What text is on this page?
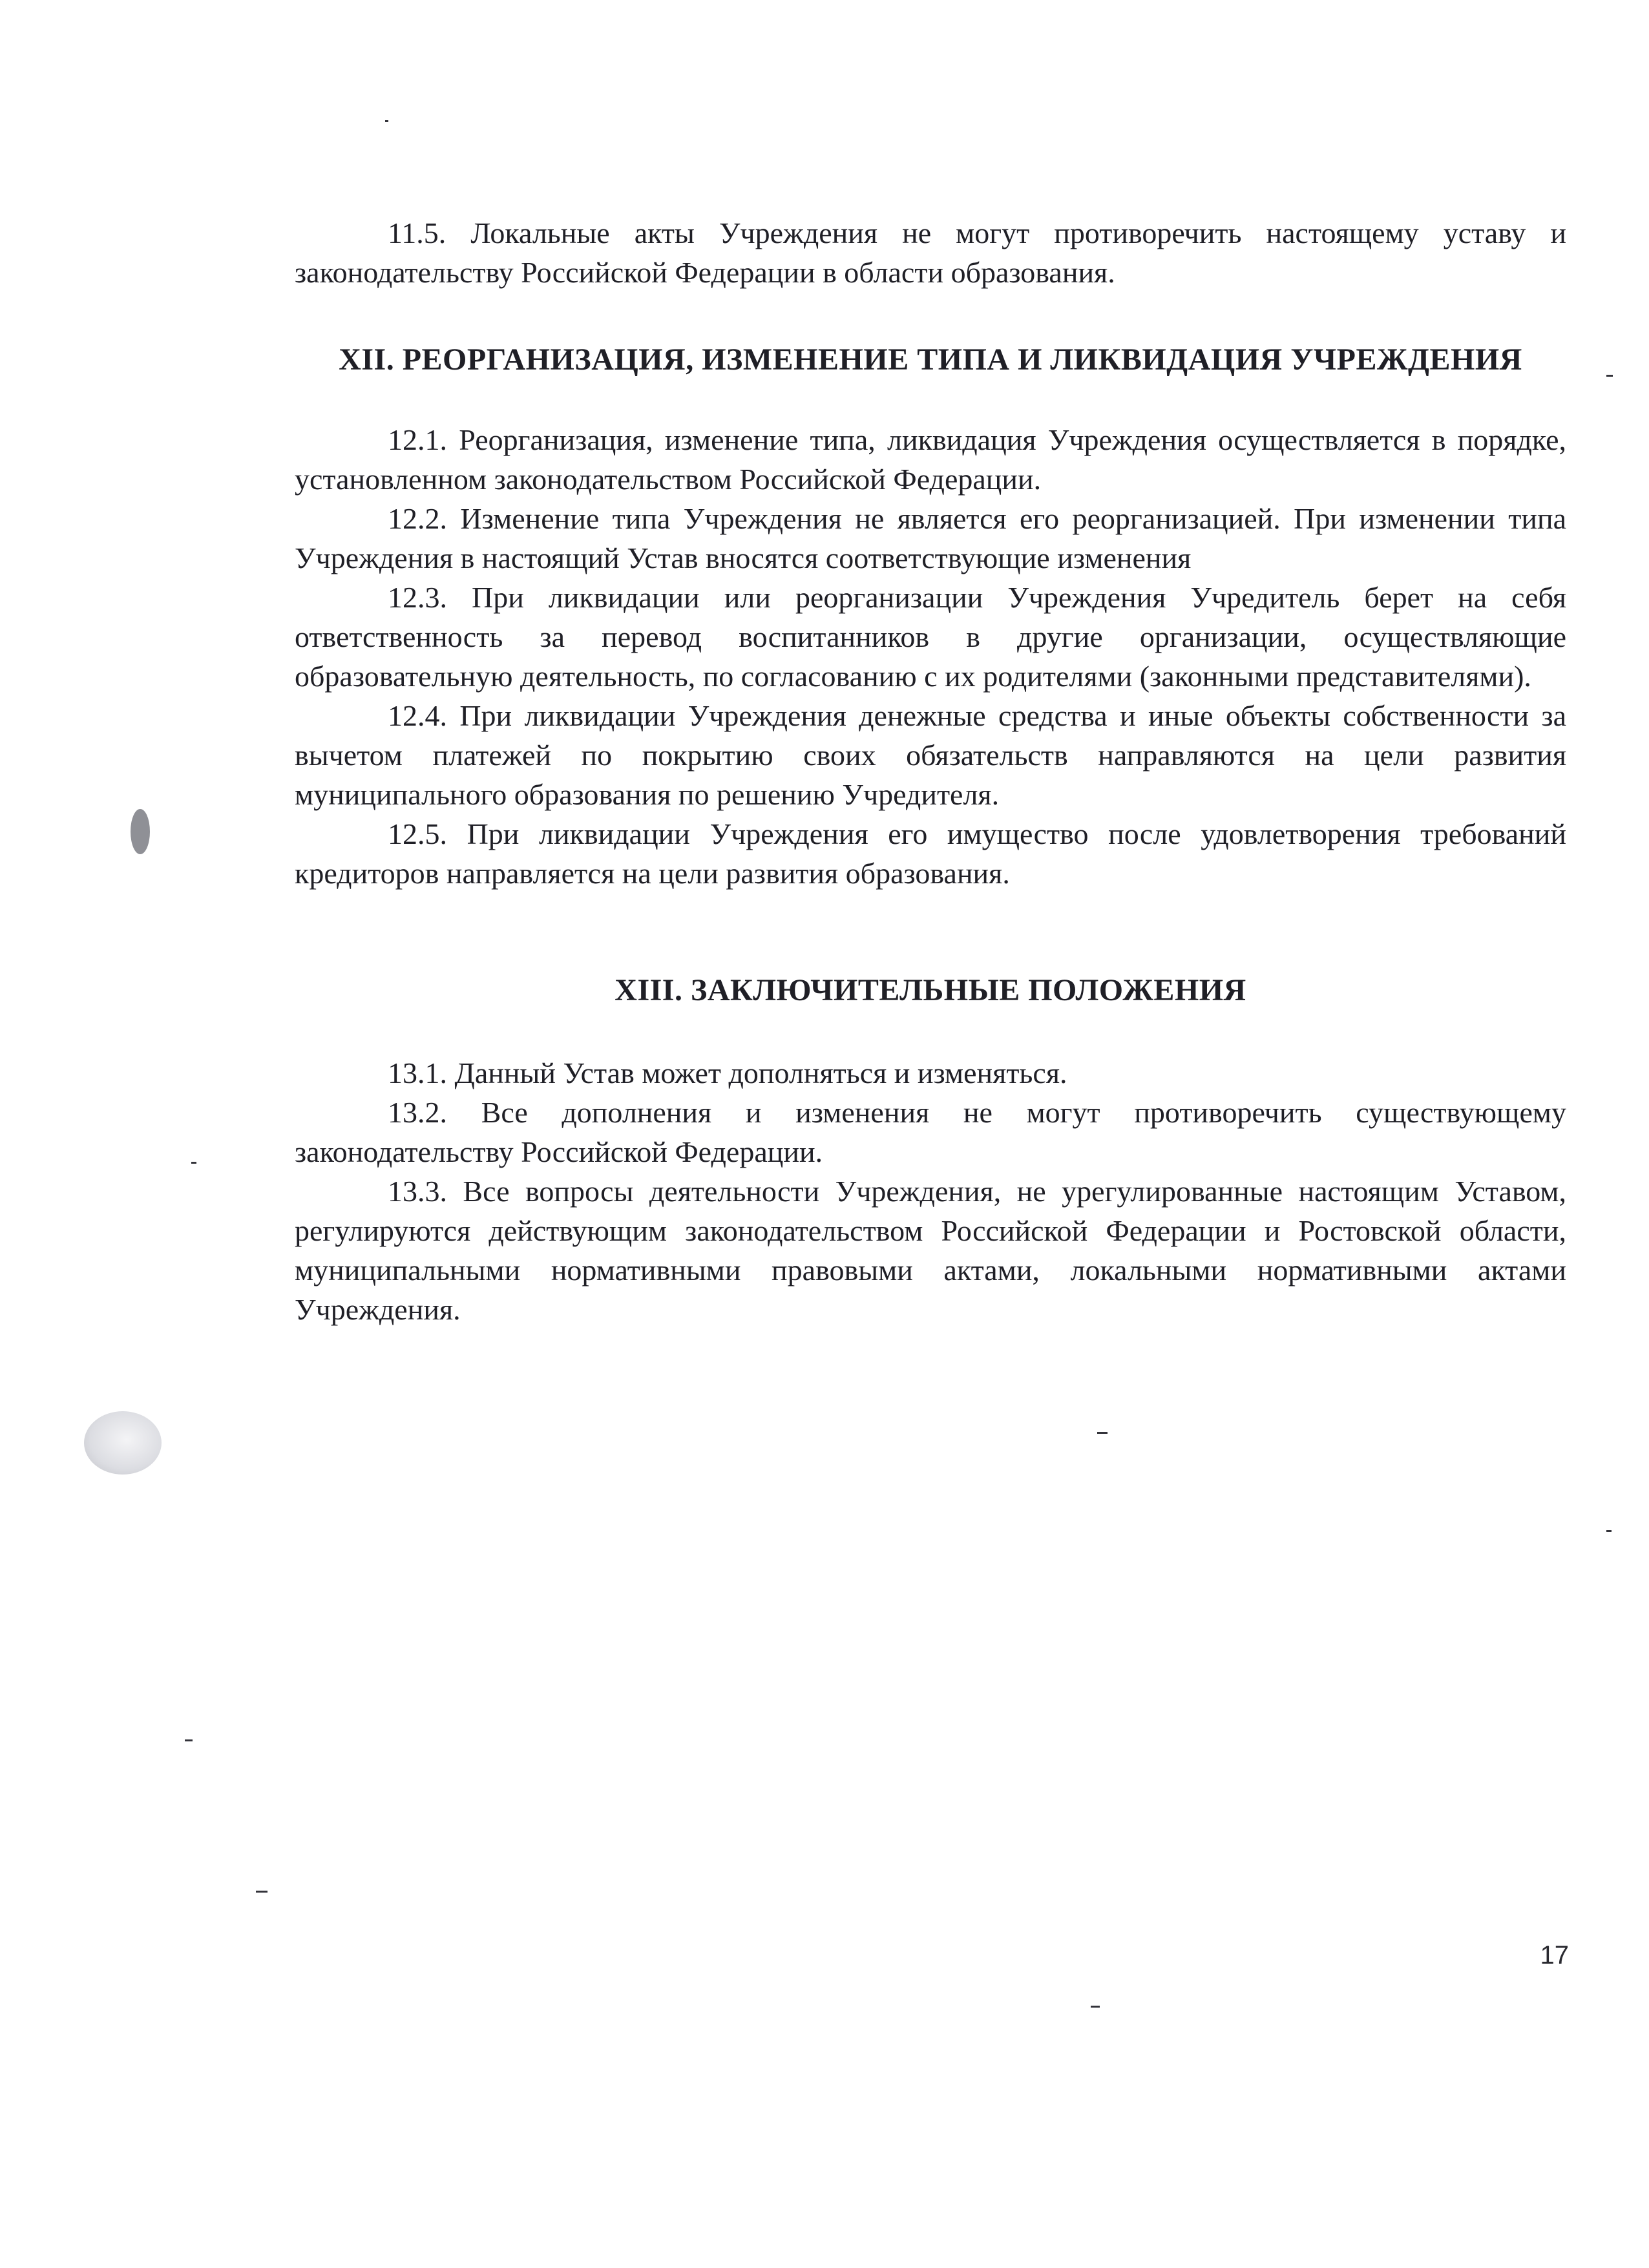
11.5. Локальные акты Учреждения не могут противоречить настоящему уставу и законодательству Российской Федерации в области образования.

XII. РЕОРГАНИЗАЦИЯ, ИЗМЕНЕНИЕ ТИПА И ЛИКВИДАЦИЯ УЧРЕЖДЕНИЯ

12.1. Реорганизация, изменение типа, ликвидация Учреждения осуществляется в порядке, установленном законодательством Российской Федерации.

12.2. Изменение типа Учреждения не является его реорганизацией. При изменении типа Учреждения в настоящий Устав вносятся соответствующие изменения

12.3. При ликвидации или реорганизации Учреждения Учредитель берет на себя ответственность за перевод воспитанников в другие организации, осуществляющие образовательную деятельность, по согласованию с их родителями (законными представителями).

12.4. При ликвидации Учреждения денежные средства и иные объекты собственности за вычетом платежей по покрытию своих обязательств направляются на цели развития муниципального образования по решению Учредителя.

12.5. При ликвидации Учреждения его имущество после удовлетворения требований кредиторов направляется на цели развития образования.

XIII. ЗАКЛЮЧИТЕЛЬНЫЕ ПОЛОЖЕНИЯ

13.1. Данный Устав может дополняться и изменяться.

13.2. Все дополнения и изменения не могут противоречить существующему законодательству Российской Федерации.

13.3. Все вопросы деятельности Учреждения, не урегулированные настоящим Уставом, регулируются действующим законодательством Российской Федерации и Ростовской области, муниципальными нормативными правовыми актами, локальными нормативными актами Учреждения.

17
